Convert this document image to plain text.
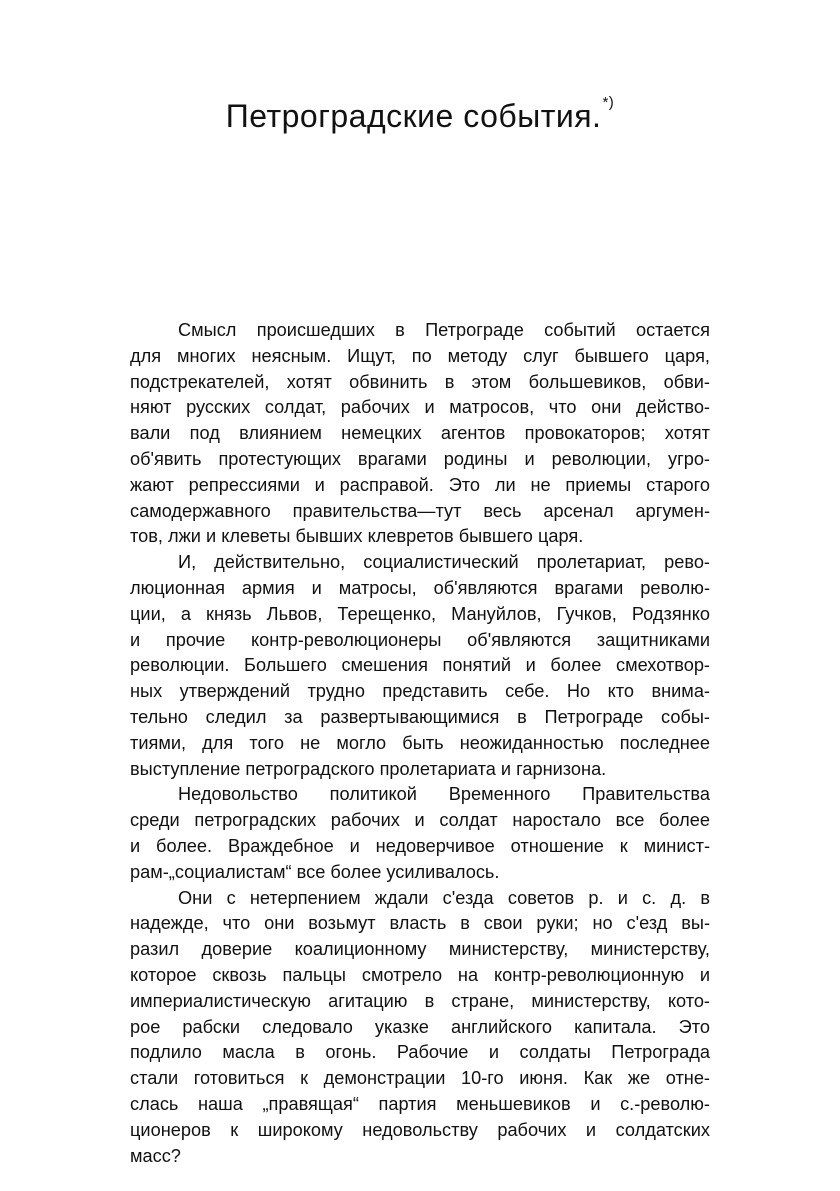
Петроградские события.*)
Смысл происшедших в Петрограде событий остается
для многих неясным. Ищут, по методу слуг бывшего царя,
подстрекателей, хотят обвинить в этом большевиков, обви-
няют русских солдат, рабочих и матросов, что они действо-
вали под влиянием немецких агентов провокаторов; хотят
об'явить протестующих врагами родины и революции, угро-
жают репрессиями и расправой. Это ли не приемы старого
самодержавного правительства—тут весь арсенал аргумен-
тов, лжи и клеветы бывших клевретов бывшего царя.
И, действительно, социалистический пролетариат, рево-
люционная армия и матросы, об'являются врагами револю-
ции, а князь Львов, Терещенко, Мануйлов, Гучков, Родзянко
и прочие контр-революционеры об'являются защитниками
революции. Большего смешения понятий и более смехотвор-
ных утверждений трудно представить себе. Но кто внима-
тельно следил за развертывающимися в Петрограде собы-
тиями, для того не могло быть неожиданностью последнее
выступление петроградского пролетариата и гарнизона.
Недовольство политикой Временного Правительства
среди петроградских рабочих и солдат наростало все более
и более. Враждебное и недоверчивое отношение к минист-
рам-„социалистам“ все более усиливалось.
Они с нетерпением ждали с'езда советов р. и с. д. в
надежде, что они возьмут власть в свои руки; но с'езд вы-
разил доверие коалиционному министерству, министерству,
которое сквозь пальцы смотрело на контр-революционную и
империалистическую агитацию в стране, министерству, кото-
рое рабски следовало указке английского капитала. Это
подлило масла в огонь. Рабочие и солдаты Петрограда
стали готовиться к демонстрации 10-го июня. Как же отне-
слась наша „правящая“ партия меньшевиков и с.-револю-
ционеров к широкому недовольству рабочих и солдатских
масс?
